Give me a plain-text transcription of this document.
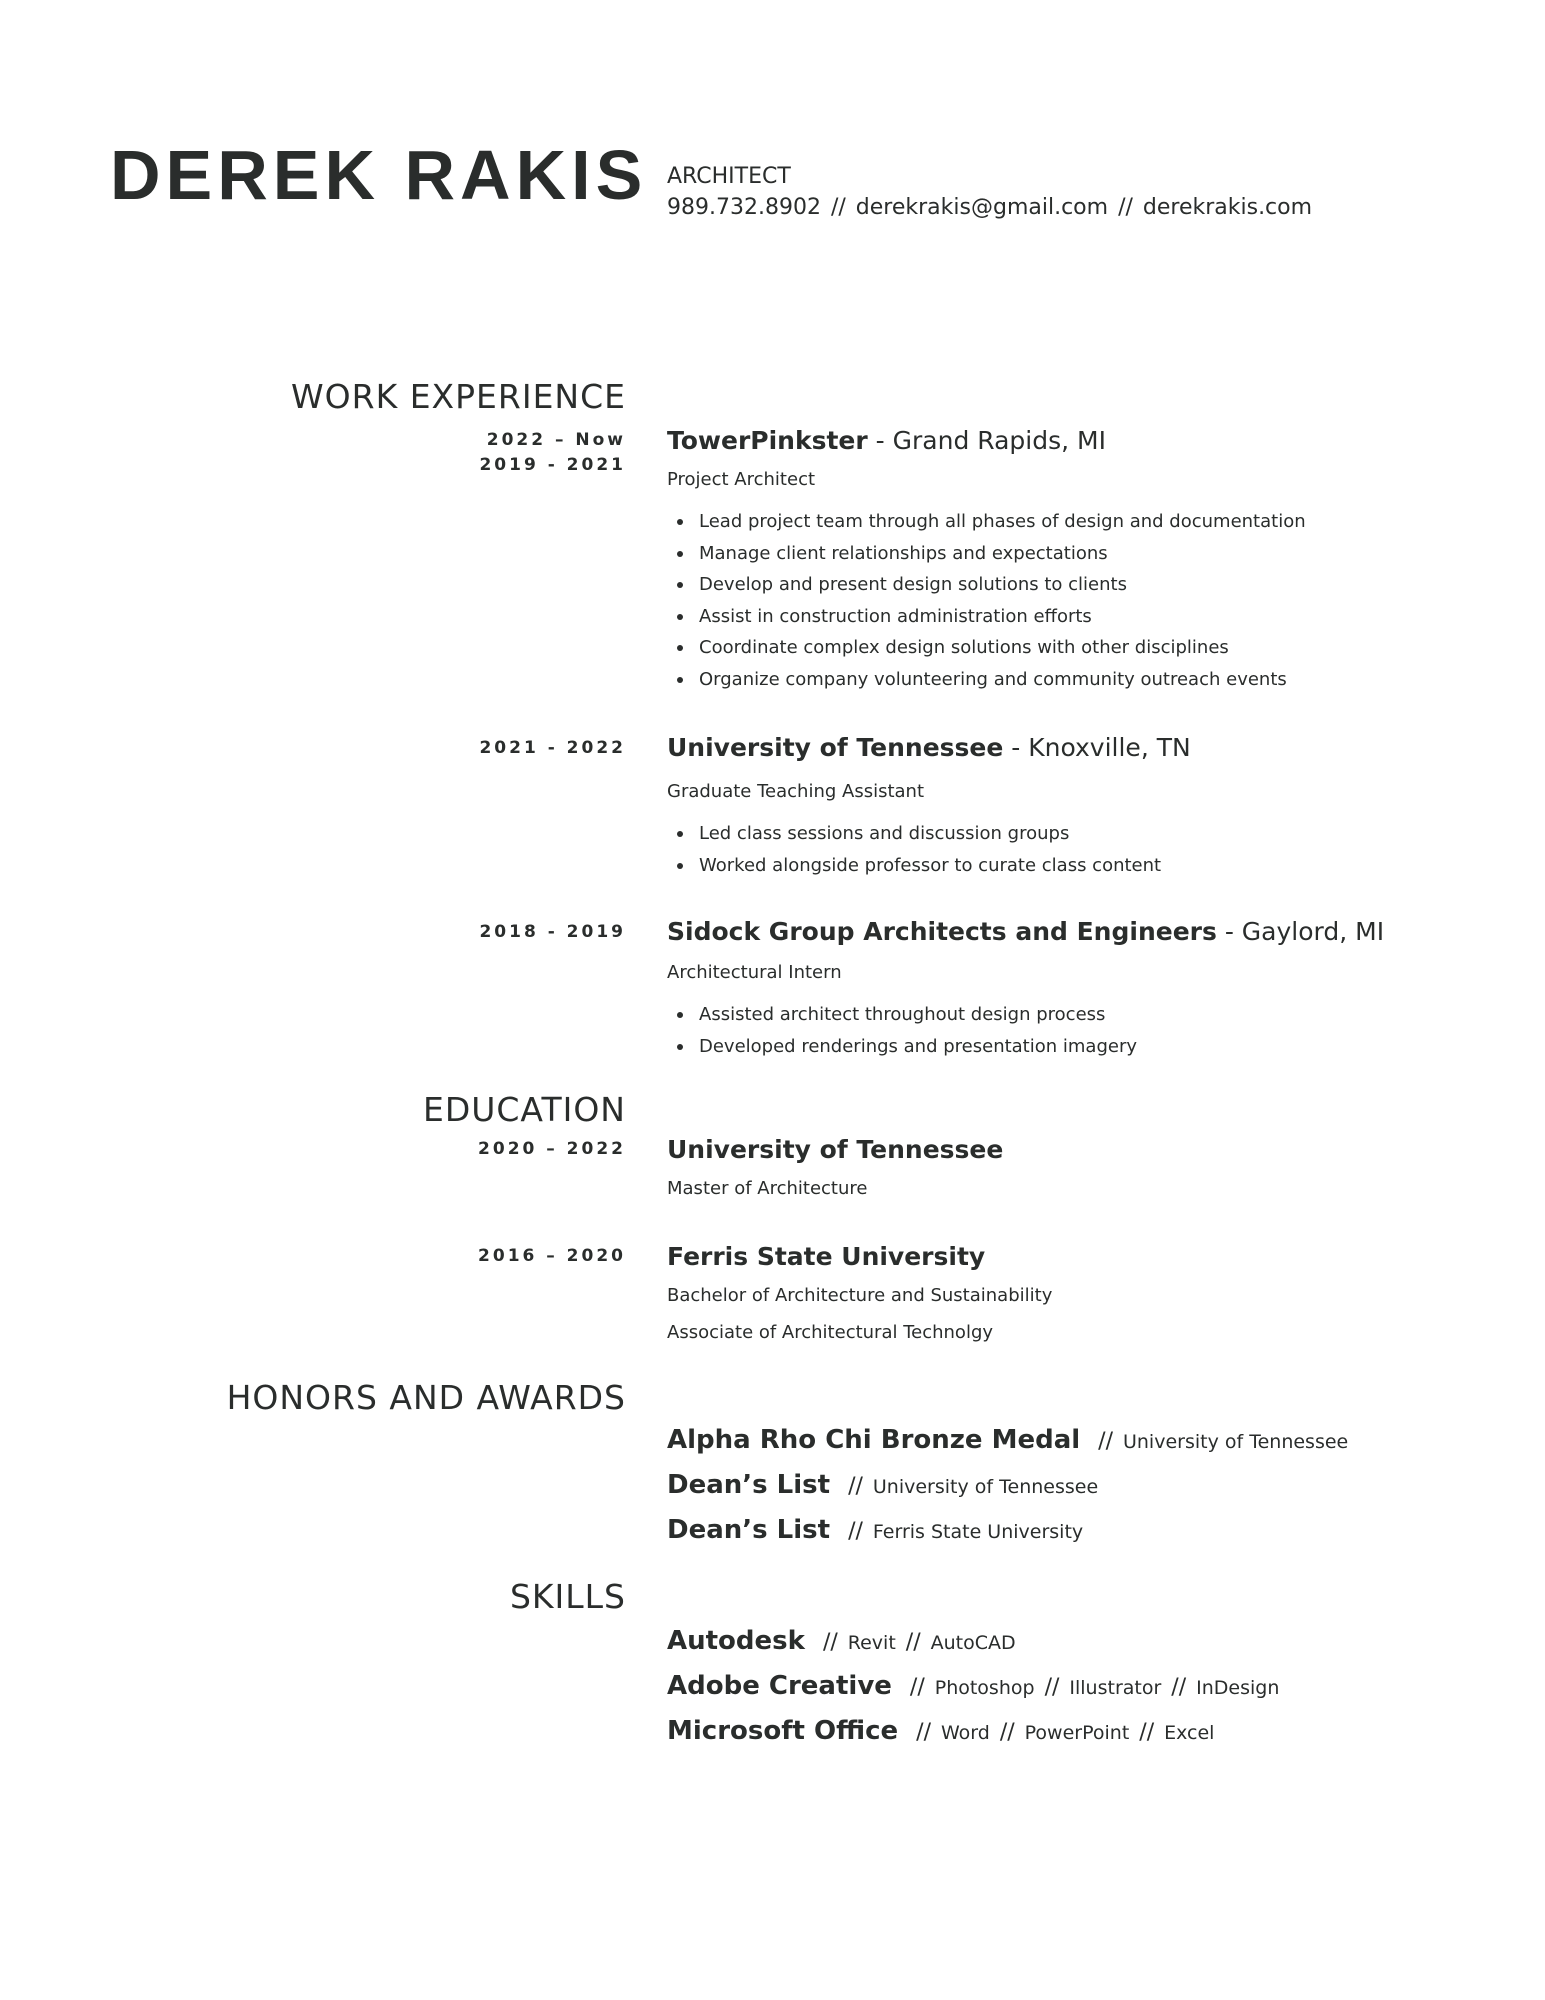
DEREK RAKIS ARCHITECT
989.732.8902 // derekrakis@gmail.com // derekrakis.com
WORK EXPERIENCE
2022 – Now
2019 - 2021
TowerPinkster - Grand Rapids, MI
Project Architect
Lead project team through all phases of design and documentation
Manage client relationships and expectations
Develop and present design solutions to clients
Assist in construction administration efforts
Coordinate complex design solutions with other disciplines
Organize company volunteering and community outreach events
2021 - 2022 University of Tennessee - Knoxville, TN
Graduate Teaching Assistant
Led class sessions and discussion groups
Worked alongside professor to curate class content
2018 - 2019 Sidock Group Architects and Engineers - Gaylord, MI
Architectural Intern
Assisted architect throughout design process
Developed renderings and presentation imagery
EDUCATION
2020 – 2022 University of Tennessee
Master of Architecture
2016 – 2020 Ferris State University
Bachelor of Architecture and Sustainability
Associate of Architectural Technolgy
HONORS AND AWARDS
Alpha Rho Chi Bronze Medal // University of Tennessee
Dean’s List // University of Tennessee
Dean’s List // Ferris State University
SKILLS
Autodesk // Revit // AutoCAD
Adobe Creative // Photoshop // Illustrator // InDesign
Microsoft Office // Word // PowerPoint // Excel
